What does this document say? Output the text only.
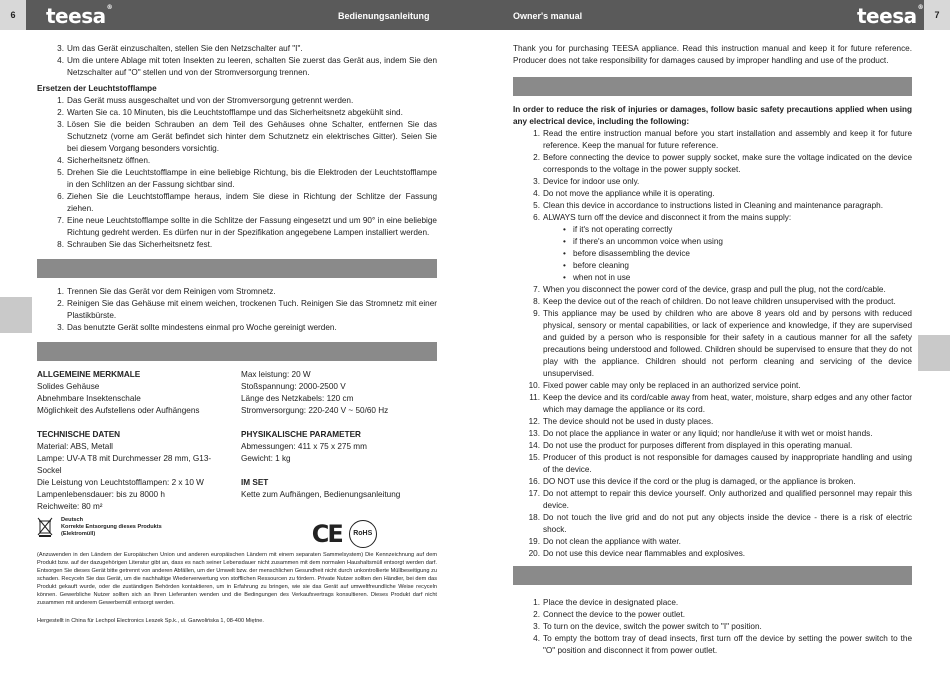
6	teesa®
Bedienungsanleitung	Owner's manual	teesa®
7
3. Um das Gerät einzuschalten, stellen Sie den Netzschalter auf "I".
4. Um die untere Ablage mit toten Insekten zu leeren, schalten Sie zuerst das Gerät aus, indem Sie den Netzschalter auf "O" stellen und von der Stromversorgung trennen.
Ersetzen der Leuchtstofflampe
1. Das Gerät muss ausgeschaltet und von der Stromversorgung getrennt werden.
2. Warten Sie ca. 10 Minuten, bis die Leuchtstofflampe und das Sicherheitsnetz abgekühlt sind.
3. Lösen Sie die beiden Schrauben an dem Teil des Gehäuses ohne Schalter, entfernen Sie das Schutznetz (vorne am Gerät befindet sich hinter dem Schutznetz ein elektrisches Gitter). Seien Sie bei diesem Vorgang besonders vorsichtig.
4. Sicherheitsnetz öffnen.
5. Drehen Sie die Leuchtstofflampe in eine beliebige Richtung, bis die Elektroden der Leuchtstofflampe in den Schlitzen an der Fassung sichtbar sind.
6. Ziehen Sie die Leuchtstofflampe heraus, indem Sie diese in Richtung der Schlitze der Fassung ziehen.
7. Eine neue Leuchtstofflampe sollte in die Schlitze der Fassung eingesetzt und um 90° in eine beliebige Richtung gedreht werden. Es dürfen nur in der Spezifikation angegebene Lampen installiert werden.
8. Schrauben Sie das Sicherheitsnetz fest.
1. Trennen Sie das Gerät vor dem Reinigen vom Stromnetz.
2. Reinigen Sie das Gehäuse mit einem weichen, trockenen Tuch. Reinigen Sie das Stromnetz mit einer Plastikbürste.
3. Das benutzte Gerät sollte mindestens einmal pro Woche gereinigt werden.
ALLGEMEINE MERKMALE
Solides Gehäuse
Abnehmbare Insektenschale
Möglichkeit des Aufstellens oder Aufhängens
TECHNISCHE DATEN
Material: ABS, Metall
Lampe: UV-A T8 mit Durchmesser 28 mm, G13-Sockel
Die Leistung von Leuchtstofflampen: 2 x 10 W
Lampenlebensdauer: bis zu 8000 h
Reichweite: 80 m²
Max leistung: 20 W
Stoßspannung: 2000-2500 V
Länge des Netzkabels: 120 cm
Stromversorgung: 220-240 V ~ 50/60 Hz
PHYSIKALISCHE PARAMETER
Abmessungen: 411 x 75 x 275 mm
Gewicht: 1 kg
IM SET
Kette zum Aufhängen, Bedienungsanleitung
Deutsch
Korrekte Entsorgung dieses Produkts
(Elektromüll)	CE	RoHS
(Anzuwenden in den Ländern der Europäischen Union und anderen europäischen Ländern mit einem separaten Sammelsystem) Die Kennzeichnung auf dem Produkt bzw. auf der dazugehörigen Literatur gibt an, dass es nach seiner Lebensdauer nicht zusammen mit dem normalen Haushaltsmüll entsorgt werden darf. Entsorgen Sie dieses Gerät bitte getrennt von anderen Abfällen, um der Umwelt bzw. der menschlichen Gesundheit nicht durch unkontrollierte Müllbeseitigung zu schaden. Recyceln Sie das Gerät, um die nachhaltige Wiederverwertung von stofflichen Ressourcen zu fördern. Private Nutzer sollten den Händler, bei dem das Produkt gekauft wurde, oder die zuständigen Behörden kontaktieren, um in Erfahrung zu bringen, wie sie das Gerät auf umweltfreundliche Weise recyceln können. Gewerbliche Nutzer sollten sich an Ihren Lieferanten wenden und die Bedingungen des Verkaufsvertrags konsultieren. Dieses Produkt darf nicht zusammen mit anderem Gewerbemüll entsorgt werden.
Hergestellt in China für Lechpol Electronics Leszek Sp.k., ul. Garwolińska 1, 08-400 Miętne.
Thank you for purchasing TEESA appliance. Read this instruction manual and keep it for future reference. Producer does not take responsibility for damages caused by improper handling and use of the product.
In order to reduce the risk of injuries or damages, follow basic safety precautions applied when using any electrical device, including the following:
1. Read the entire instruction manual before you start installation and assembly and keep it for future reference. Keep the manual for future reference.
2. Before connecting the device to power supply socket, make sure the voltage indicated on the device corresponds to the voltage in the power supply socket.
3. Device for indoor use only.
4. Do not move the appliance while it is operating.
5. Clean this device in accordance to instructions listed in Cleaning and maintenance paragraph.
6. ALWAYS turn off the device and disconnect it from the mains supply:
• if it's not operating correctly
• if there's an uncommon voice when using
• before disassembling the device
• before cleaning
• when not in use
7. When you disconnect the power cord of the device, grasp and pull the plug, not the cord/cable.
8. Keep the device out of the reach of children. Do not leave children unsupervised with the product.
9. This appliance may be used by children who are above 8 years old and by persons with reduced physical, sensory or mental capabilities, or lack of experience and knowledge, if they are supervised and guided by a person who is responsible for their safety in a cautious manner for all the safety precautions being understood and followed. Children should be supervised to ensure that they do not play with the appliance. Children should not perform cleaning and servicing of the device unsupervised.
10. Fixed power cable may only be replaced in an authorized service point.
11. Keep the device and its cord/cable away from heat, water, moisture, sharp edges and any other factor which may damage the appliance or its cord.
12. The device should not be used in dusty places.
13. Do not place the appliance in water or any liquid; nor handle/use it with wet or moist hands.
14. Do not use the product for purposes different from displayed in this operating manual.
15. Producer of this product is not responsible for damages caused by inappropriate handling and using of the device.
16. DO NOT use this device if the cord or the plug is damaged, or the appliance is broken.
17. Do not attempt to repair this device yourself. Only authorized and qualified personnel may repair this device.
18. Do not touch the live grid and do not put any objects inside the device - there is a risk of electric shock.
19. Do not clean the appliance with water.
20. Do not use this device near flammables and explosives.
1. Place the device in designated place.
2. Connect the device to the power outlet.
3. To turn on the device, switch the power switch to "I" position.
4. To empty the bottom tray of dead insects, first turn off the device by setting the power switch to the "O" position and disconnect it from power outlet.
